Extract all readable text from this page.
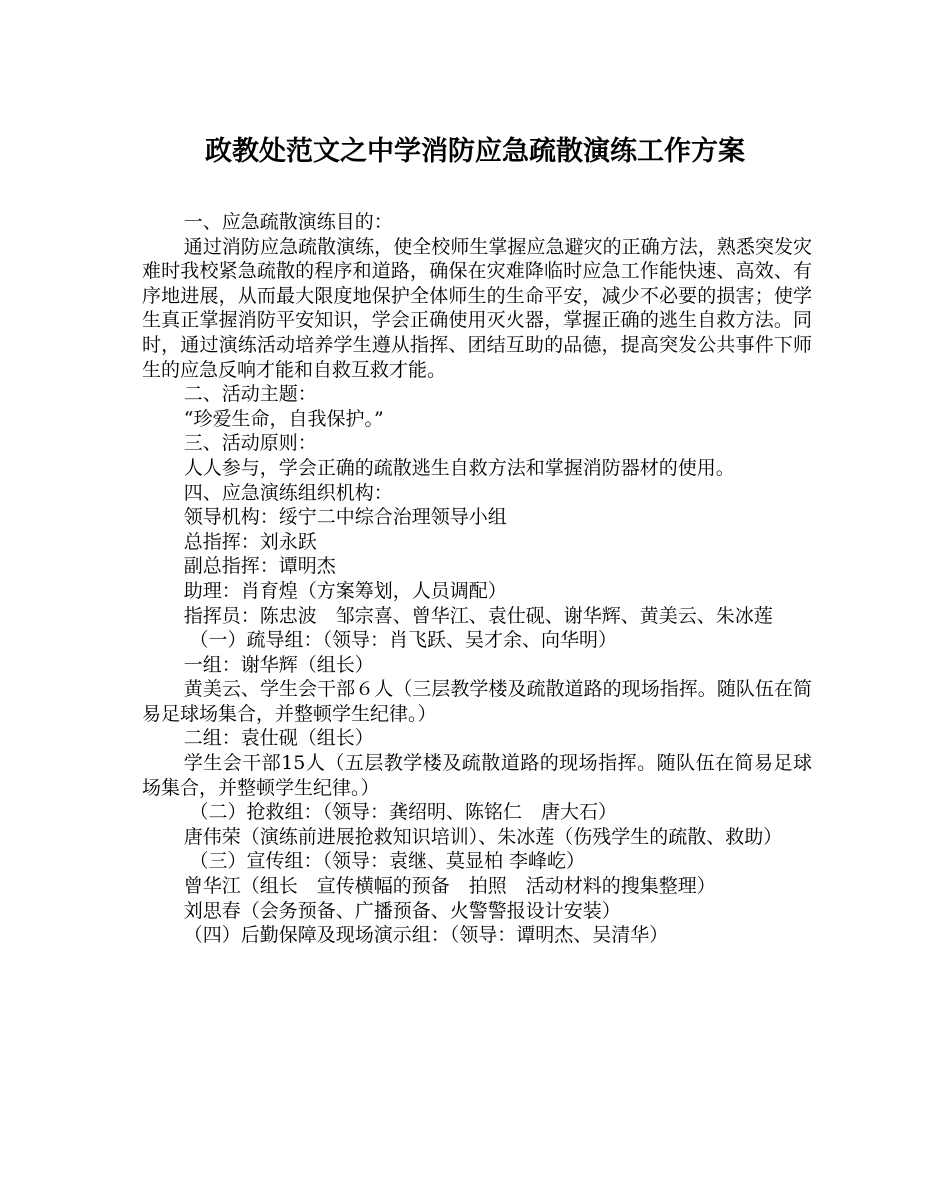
政教处范文之中学消防应急疏散演练工作方案

一、应急疏散演练目的：

通过消防应急疏散演练，使全校师生掌握应急避灾的正确方法，熟悉突发灾难时我校紧急疏散的程序和道路，确保在灾难降临时应急工作能快速、高效、有序地进展，从而最大限度地保护全体师生的生命平安，减少不必要的损害；使学生真正掌握消防平安知识，学会正确使用灭火器，掌握正确的逃生自救方法。同时，通过演练活动培养学生遵从指挥、团结互助的品德，提高突发公共事件下师生的应急反响才能和自救互救才能。

二、活动主题：

“珍爱生命，自我保护。”

三、活动原则：

人人参与，学会正确的疏散逃生自救方法和掌握消防器材的使用。

四、应急演练组织机构：

领导机构：绥宁二中综合治理领导小组

总指挥：刘永跃

副总指挥：谭明杰

助理：肖育煌（方案筹划，人员调配）

指挥员：陈忠波　邹宗喜、曾华江、袁仕砚、谢华辉、黄美云、朱冰莲

（一）疏导组：（领导：肖飞跃、吴才余、向华明）

一组：谢华辉（组长）

黄美云、学生会干部６人（三层教学楼及疏散道路的现场指挥。随队伍在简易足球场集合，并整顿学生纪律。）

二组：袁仕砚（组长）

学生会干部15人（五层教学楼及疏散道路的现场指挥。随队伍在简易足球场集合，并整顿学生纪律。）

（二）抢救组：（领导：龚绍明、陈铭仁　唐大石）

唐伟荣（演练前进展抢救知识培训）、朱冰莲（伤残学生的疏散、救助）

（三）宣传组：（领导：袁继、莫显柏 李峰屹）

曾华江（组长　宣传横幅的预备　拍照　活动材料的搜集整理）

刘思春（会务预备、广播预备、火警警报设计安装）

（四）后勤保障及现场演示组：（领导：谭明杰、吴清华）
